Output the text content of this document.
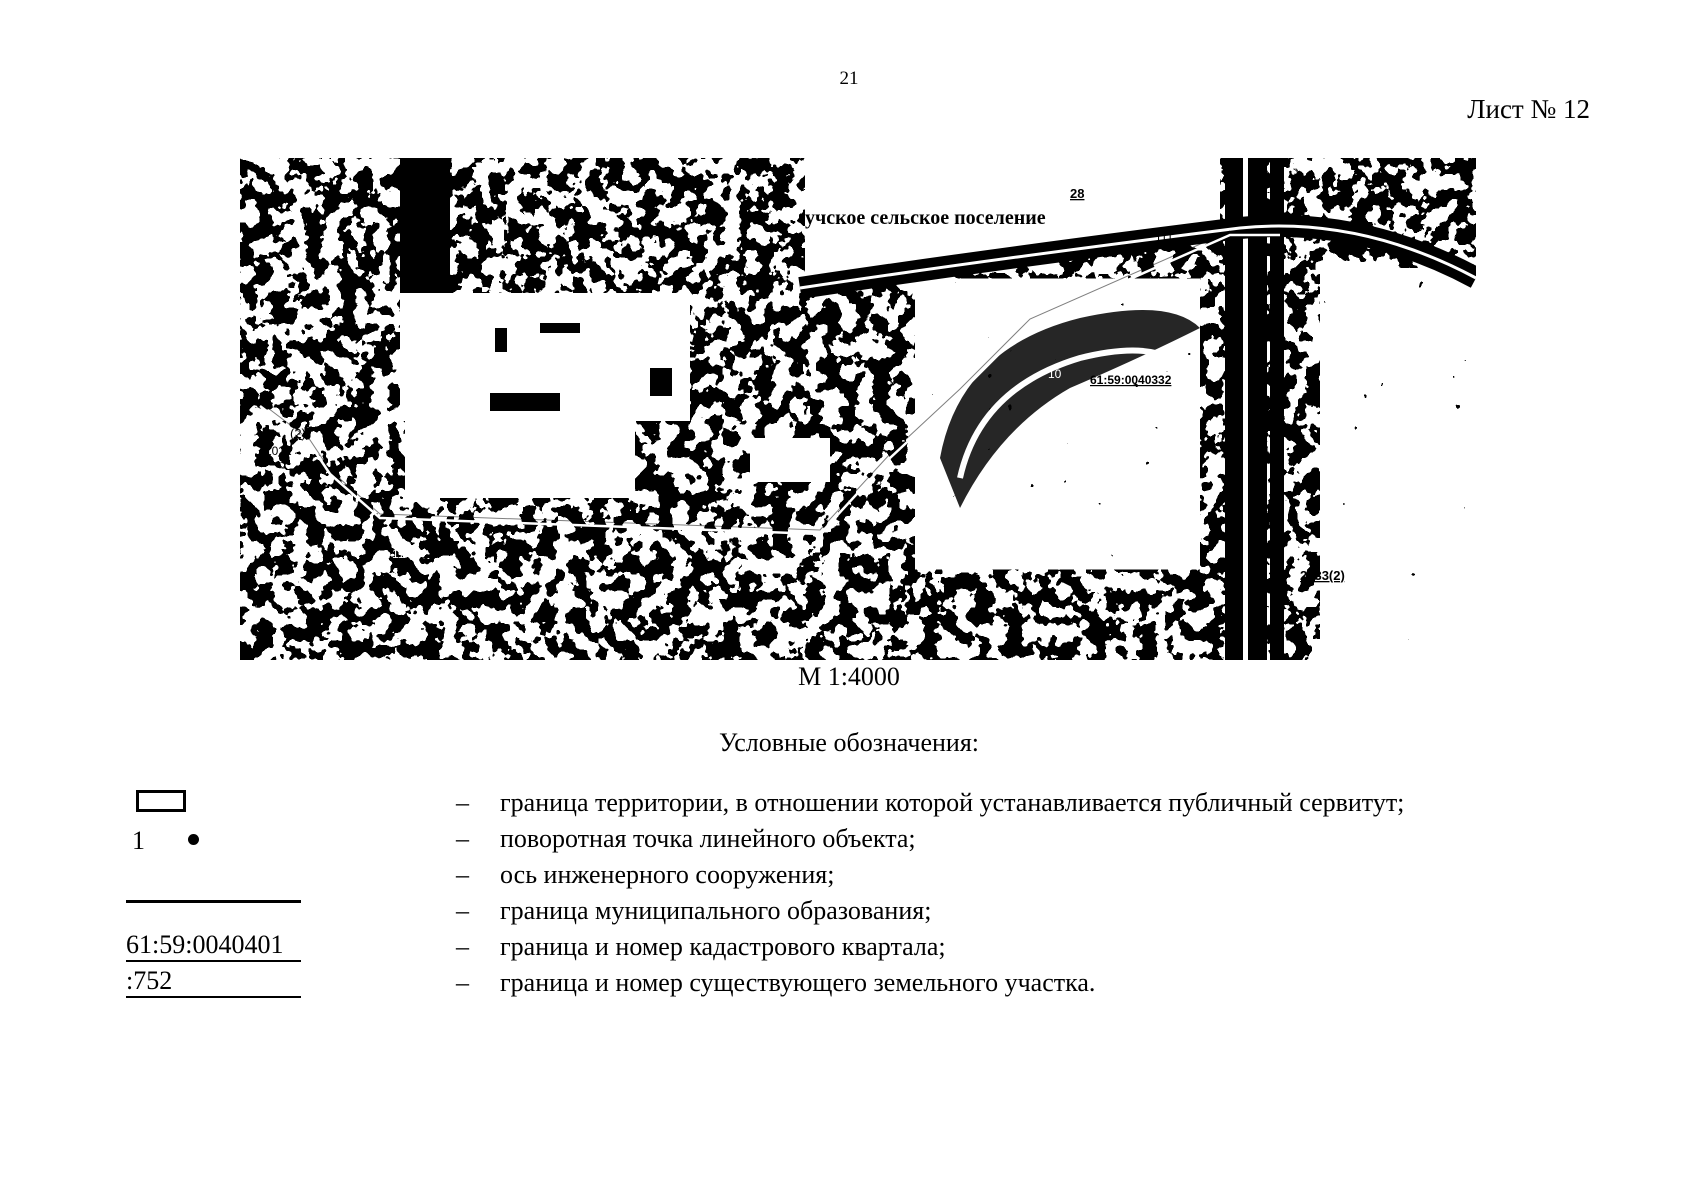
21
Лист № 12
учское сельское поселение
28
111
376
10 61:59:0040332
(2)
1022
11
2533(2)
М 1:4000
Условные обозначения:
– граница территории, в отношении которой устанавливается публичный сервитут;
1	– поворотная точка линейного объекта;
– ось инженерного сооружения;
– граница муниципального образования;
61:59:0040401	– граница и номер кадастрового квартала;
:752	– граница и номер существующего земельного участка.
